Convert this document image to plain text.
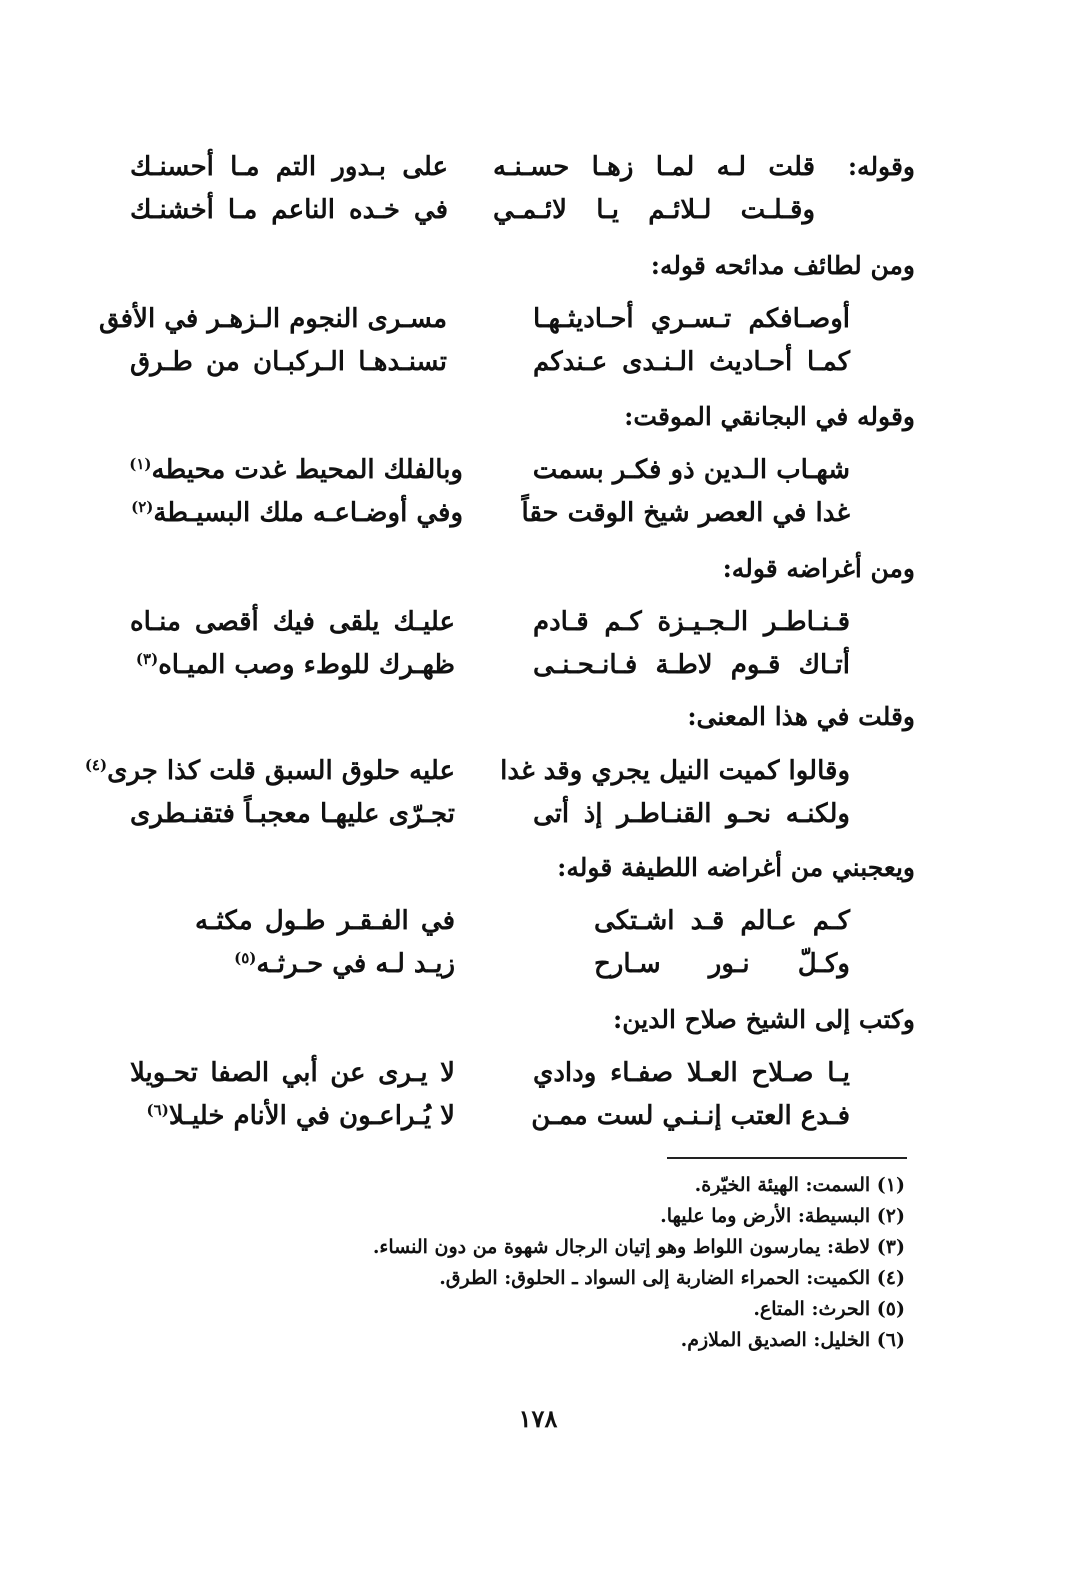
وقوله:
قلت لـه لمـا زهـا حسـنـه
على بـدور التم مـا أحسنـك
وقـلـت لـلائـم يـا لائـمـي
في خـده الناعم مـا أخشنـك
ومن لطائف مدائحه قوله:
أوصـافكم تـسـري أحـاديثـهـا
مسـرى النجوم الـزهـر في الأفق
كمـا أحـاديث الـنـدى عـندكم
تسنـدهـا الـركبـان من طـرق
وقوله في البجانقي الموقت:
شهـاب الـدين ذو فكـر بسمت
وبالفلك المحيط غدت محيطه$^{(١)}$
غدا في العصر شيخ الوقت حقاً
وفي أوضـاعـه ملك البسيـطة$^{(٢)}$
ومن أغراضه قوله:
قـنـاطـر الـجـيـزة كـم قـادم
عليـك يلقى فيك أقصى منـاه
أتـاك قـوم لاطـة فـانـحـنـى
ظهـرك للوطء وصب الميـاه$^{(٣)}$
وقلت في هذا المعنى:
وقالوا كميت النيل يجري وقد غدا
عليه حلوق السبق قلت كذا جرى$^{(٤)}$
ولكنـه نحـو القنـاطـر إذ أتى
تجـرّى عليهـا معجبـاً فتقنـطرى
ويعجبني من أغراضه اللطيفة قوله:
كـم عـالم قـد اشـتكى
في الفـقـر طـول مكثـه
وكـلّ نـور سـارح
زيـد لـه في حـرثـه$^{(٥)}$
وكتب إلى الشيخ صلاح الدين:
يـا صـلاح العـلا صفـاء ودادي
لا يـرى عن أبي الصفا تحـويلا
فـدع العتب إنـنـي لست ممـن
لا يُـراعـون في الأنام خليـلا$^{(٦)}$
(١) السمت: الهيئة الخيّرة.
(٢) البسيطة: الأرض وما عليها.
(٣) لاطة: يمارسون اللواط وهو إتيان الرجال شهوة من دون النساء.
(٤) الكميت: الحمراء الضاربة إلى السواد ـ الحلوق: الطرق.
(٥) الحرث: المتاع.
(٦) الخليل: الصديق الملازم.
١٧٨
